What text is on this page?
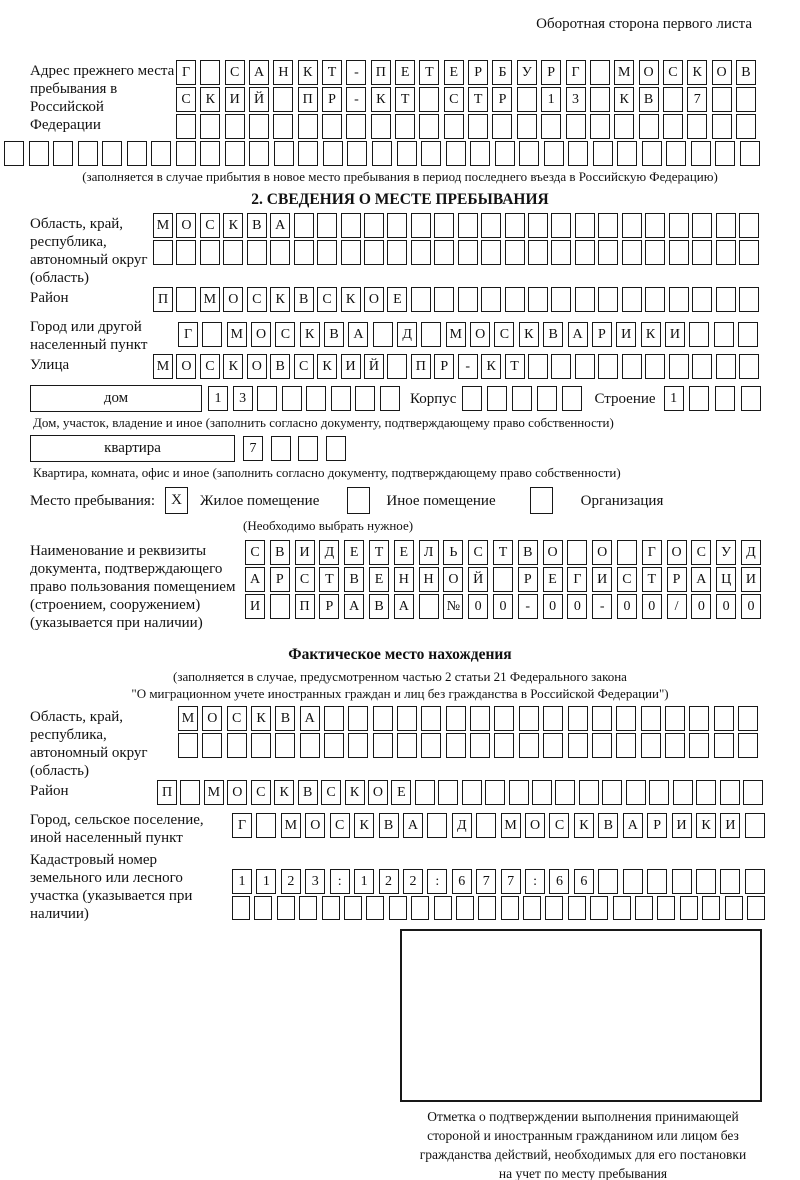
Оборотная сторона первого листа
Адрес прежнего места пребывания в Российской Федерации
Г	С	А	Н	К	Т	-	П	Е	Т	Е	Р	Б	У	Р	Г	М О	С	К	О	В
С	К	И	Й	П	Р	-	К	Т	С	Т	Р	1	3	К	В	7
(заполняется в случае прибытия в новое место пребывания в период последнего въезда в Российскую Федерацию)
2. СВЕДЕНИЯ О МЕСТЕ ПРЕБЫВАНИЯ
Область, край, республика, автономный округ (область)
М О С	К	В А
Район	П	М О С	К	В	С	К О	Е
Город или другой населенный пункт
Г	М О	С	К	В	А	Д	М О	С	К	В	А	Р	И	К	И
Улица	М О С	К О В	С	К И Й	П	Р	-	К	Т
дом	1	3	Корпус	Строение	1
Дом, участок, владение и иное (заполнить согласно документу, подтверждающему право собственности)
квартира	7
Квартира, комната, офис и иное (заполнить согласно документу, подтверждающему право собственности)
Место пребывания:	X	Жилое помещение	Иное помещение	Организация
(Необходимо выбрать нужное)
Наименование и реквизиты документа, подтверждающего право пользования помещением (строением, сооружением) (указывается при наличии)
С	В	И	Д	Е	Т	Е	Л	Ь	С	Т	В	О	О	Г	О	С	У	Д
А	Р	С	Т	В	Е	Н	Н	О	Й	Р	Е	Г	И	С	Т	Р	А	Ц	И
И	П	Р	А	В	А	№	0	0	-	0	0	-	0	0	/	0	0	0
Фактическое место нахождения
(заполняется в случае, предусмотренном частью 2 статьи 21 Федерального закона
"О миграционном учете иностранных граждан и лиц без гражданства в Российской Федерации")
Область, край, республика, автономный округ (область)
М О	С	К	В	А
Район	П	М О С	К	В	С	К О	Е
Город, сельское поселение, иной населенный пункт
Г	М О	С	К	В	А	Д	М О	С	К	В	А	Р	И	К	И
Кадастровый номер земельного или лесного участка (указывается при наличии)
1	1	2	3	:	1	2	2	:	6	7	7	:	6	6
Отметка о подтверждении выполнения принимающей
стороной и иностранным гражданином или лицом без
гражданства действий, необходимых для его постановки
на учет по месту пребывания
